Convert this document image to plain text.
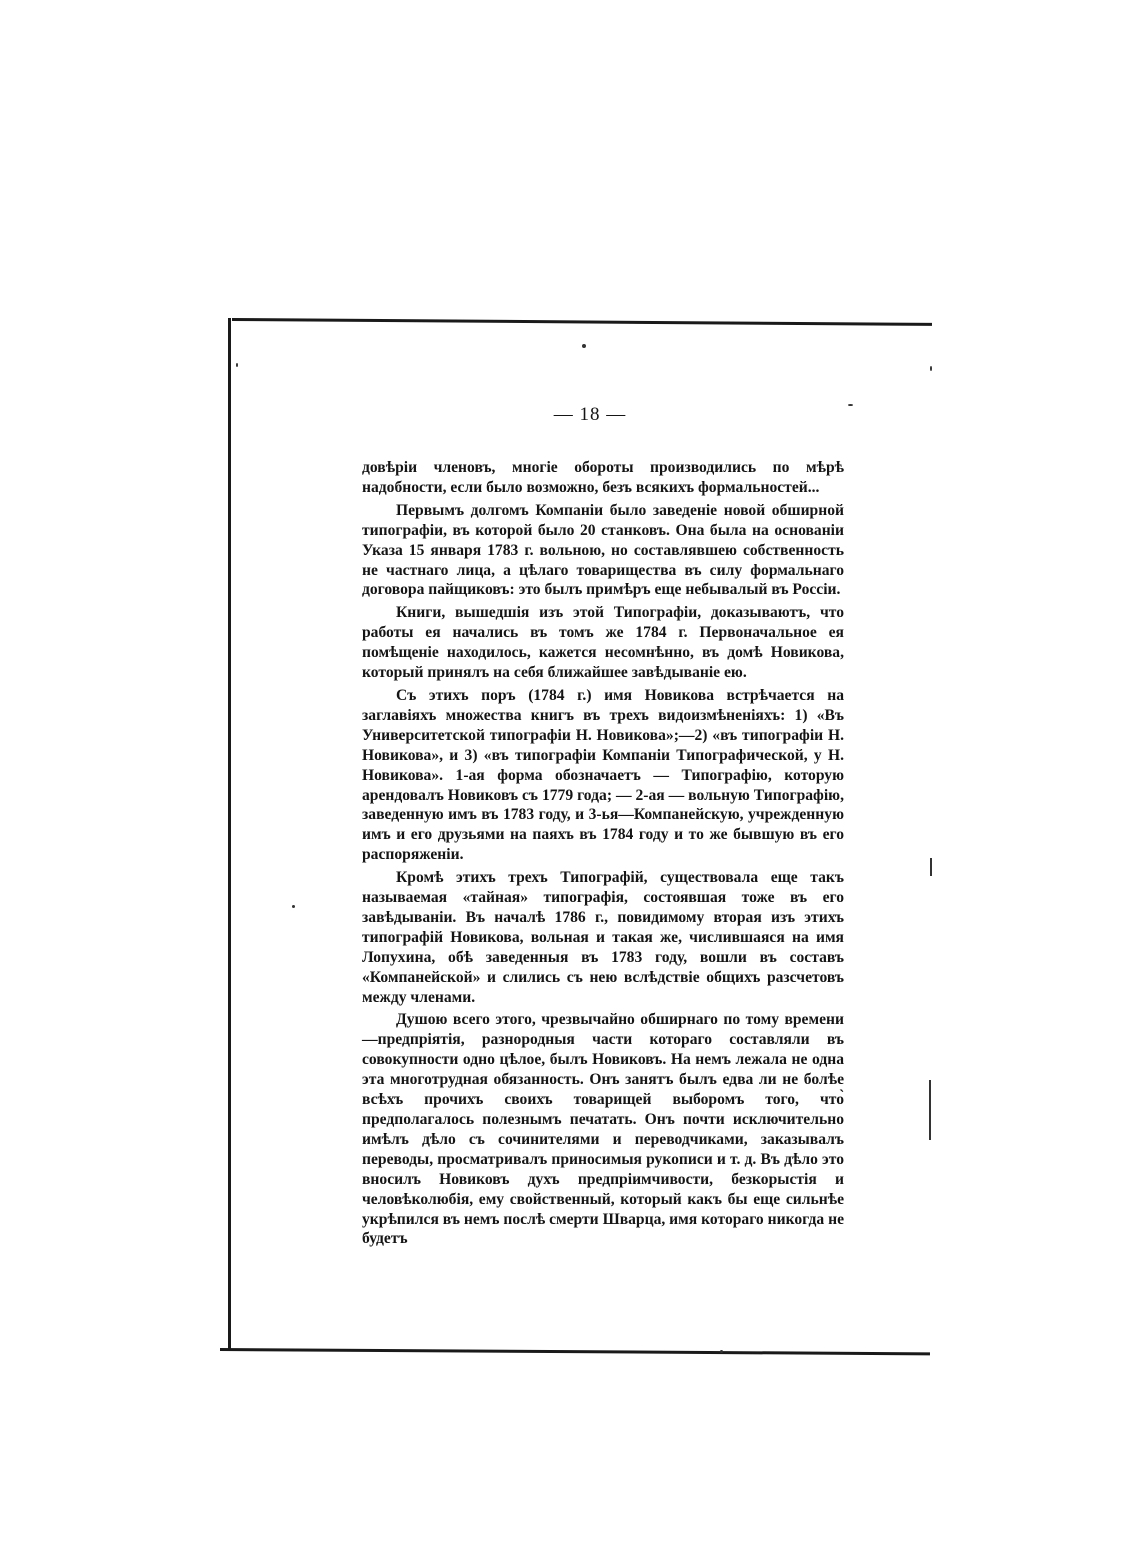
— 18 —

довѣріи членовъ, многіе обороты производились по мѣрѣ надобности, если было возможно, безъ всякихъ формальностей...

Первымъ долгомъ Компаніи было заведеніе новой обширной типографіи, въ которой было 20 станковъ. Она была на основаніи Указа 15 января 1783 г. вольною, но составлявшею собственность не частнаго лица, а цѣлаго товарищества въ силу формальнаго договора пайщиковъ: это былъ примѣръ еще небывалый въ Россіи.

Книги, вышедшія изъ этой Типографіи, доказываютъ, что работы ея начались въ томъ же 1784 г. Первоначальное ея помѣщеніе находилось, кажется несомнѣнно, въ домѣ Новикова, который принялъ на себя ближайшее завѣдываніе ею.

Съ этихъ поръ (1784 г.) имя Новикова встрѣчается на заглавіяхъ множества книгъ въ трехъ видоизмѣненіяхъ: 1) «Въ Университетской типографіи Н. Новикова»;—2) «въ типографіи Н. Новикова», и 3) «въ типографіи Компаніи Типографической, у Н. Новикова». 1-ая форма обозначаетъ — Типографію, которую арендовалъ Новиковъ съ 1779 года; — 2-ая — вольную Типографію, заведенную имъ въ 1783 году, и 3-ья—Компанейскую, учрежденную имъ и его друзьями на паяхъ въ 1784 году и то же бывшую въ его распоряженіи.

Кромѣ этихъ трехъ Типографій, существовала еще такъ называемая «тайная» типографія, состоявшая тоже въ его завѣдываніи. Въ началѣ 1786 г., повидимому вторая изъ этихъ типографій Новикова, вольная и такая же, числившаяся на имя Лопухина, обѣ заведенныя въ 1783 году, вошли въ составъ «Компанейской» и слились съ нею вслѣдствіе общихъ разсчетовъ между членами.

Душою всего этого, чрезвычайно обширнаго по тому времени—предпріятія, разнородныя части котораго составляли въ совокупности одно цѣлое, былъ Новиковъ. На немъ лежала не одна эта многотрудная обязанность. Онъ занятъ былъ едва ли не болѣе всѣхъ прочихъ своихъ товарищей выборомъ того, что̀ предполагалось полезнымъ печатать. Онъ почти исключительно имѣлъ дѣло съ сочинителями и переводчиками, заказывалъ переводы, просматривалъ приносимыя рукописи и т. д. Въ дѣло это вносилъ Новиковъ духъ предпріимчивости, безкорыстія и человѣколюбія, ему свойственный, который какъ бы еще сильнѣе укрѣпился въ немъ послѣ смерти Шварца, имя котораго никогда не будетъ
